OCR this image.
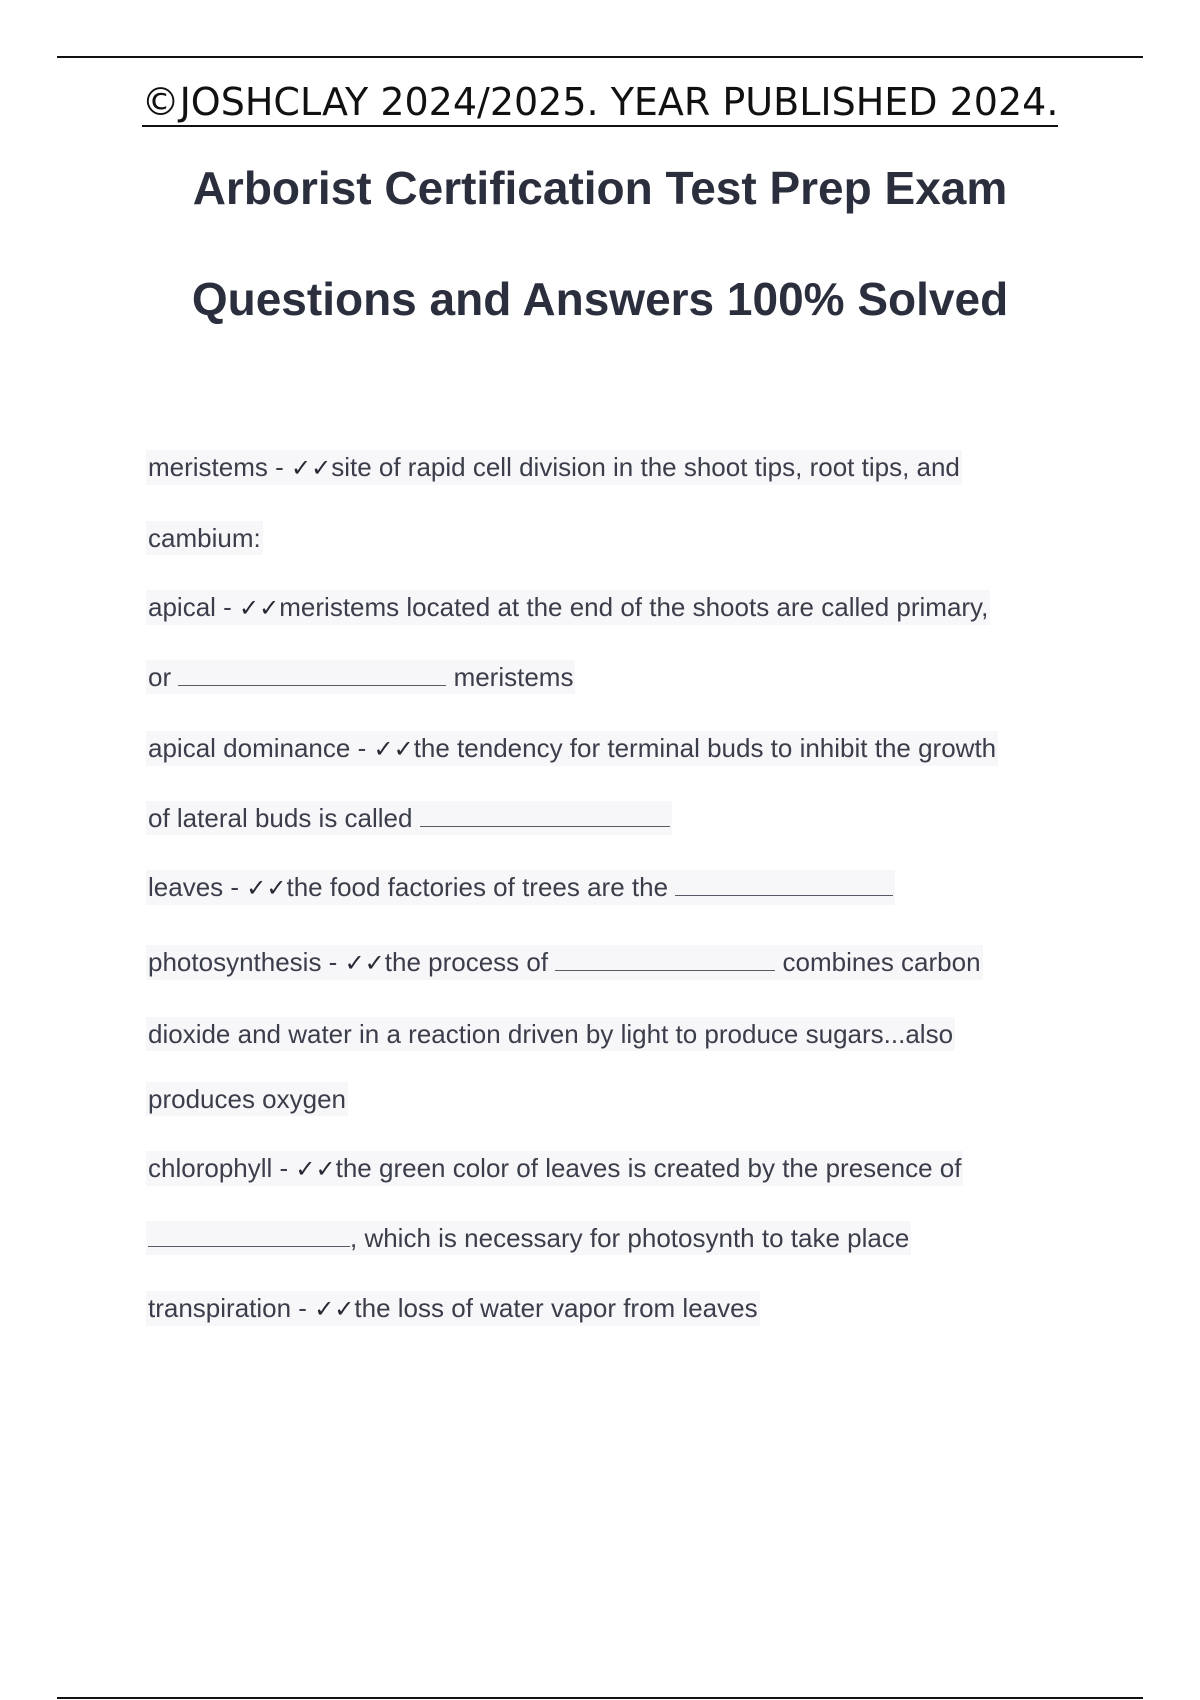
©JOSHCLAY 2024/2025. YEAR PUBLISHED 2024.
Arborist Certification Test Prep Exam
Questions and Answers 100% Solved
meristems - ✓✓site of rapid cell division in the shoot tips, root tips, and
cambium:
apical - ✓✓meristems located at the end of the shoots are called primary,
or	meristems
apical dominance - ✓✓the tendency for terminal buds to inhibit the growth
of lateral buds is called
leaves - ✓✓the food factories of trees are the
photosynthesis - ✓✓the process of	combines carbon
dioxide and water in a reaction driven by light to produce sugars...also
produces oxygen
chlorophyll - ✓✓the green color of leaves is created by the presence of
, which is necessary for photosynth to take place
transpiration - ✓✓the loss of water vapor from leaves
